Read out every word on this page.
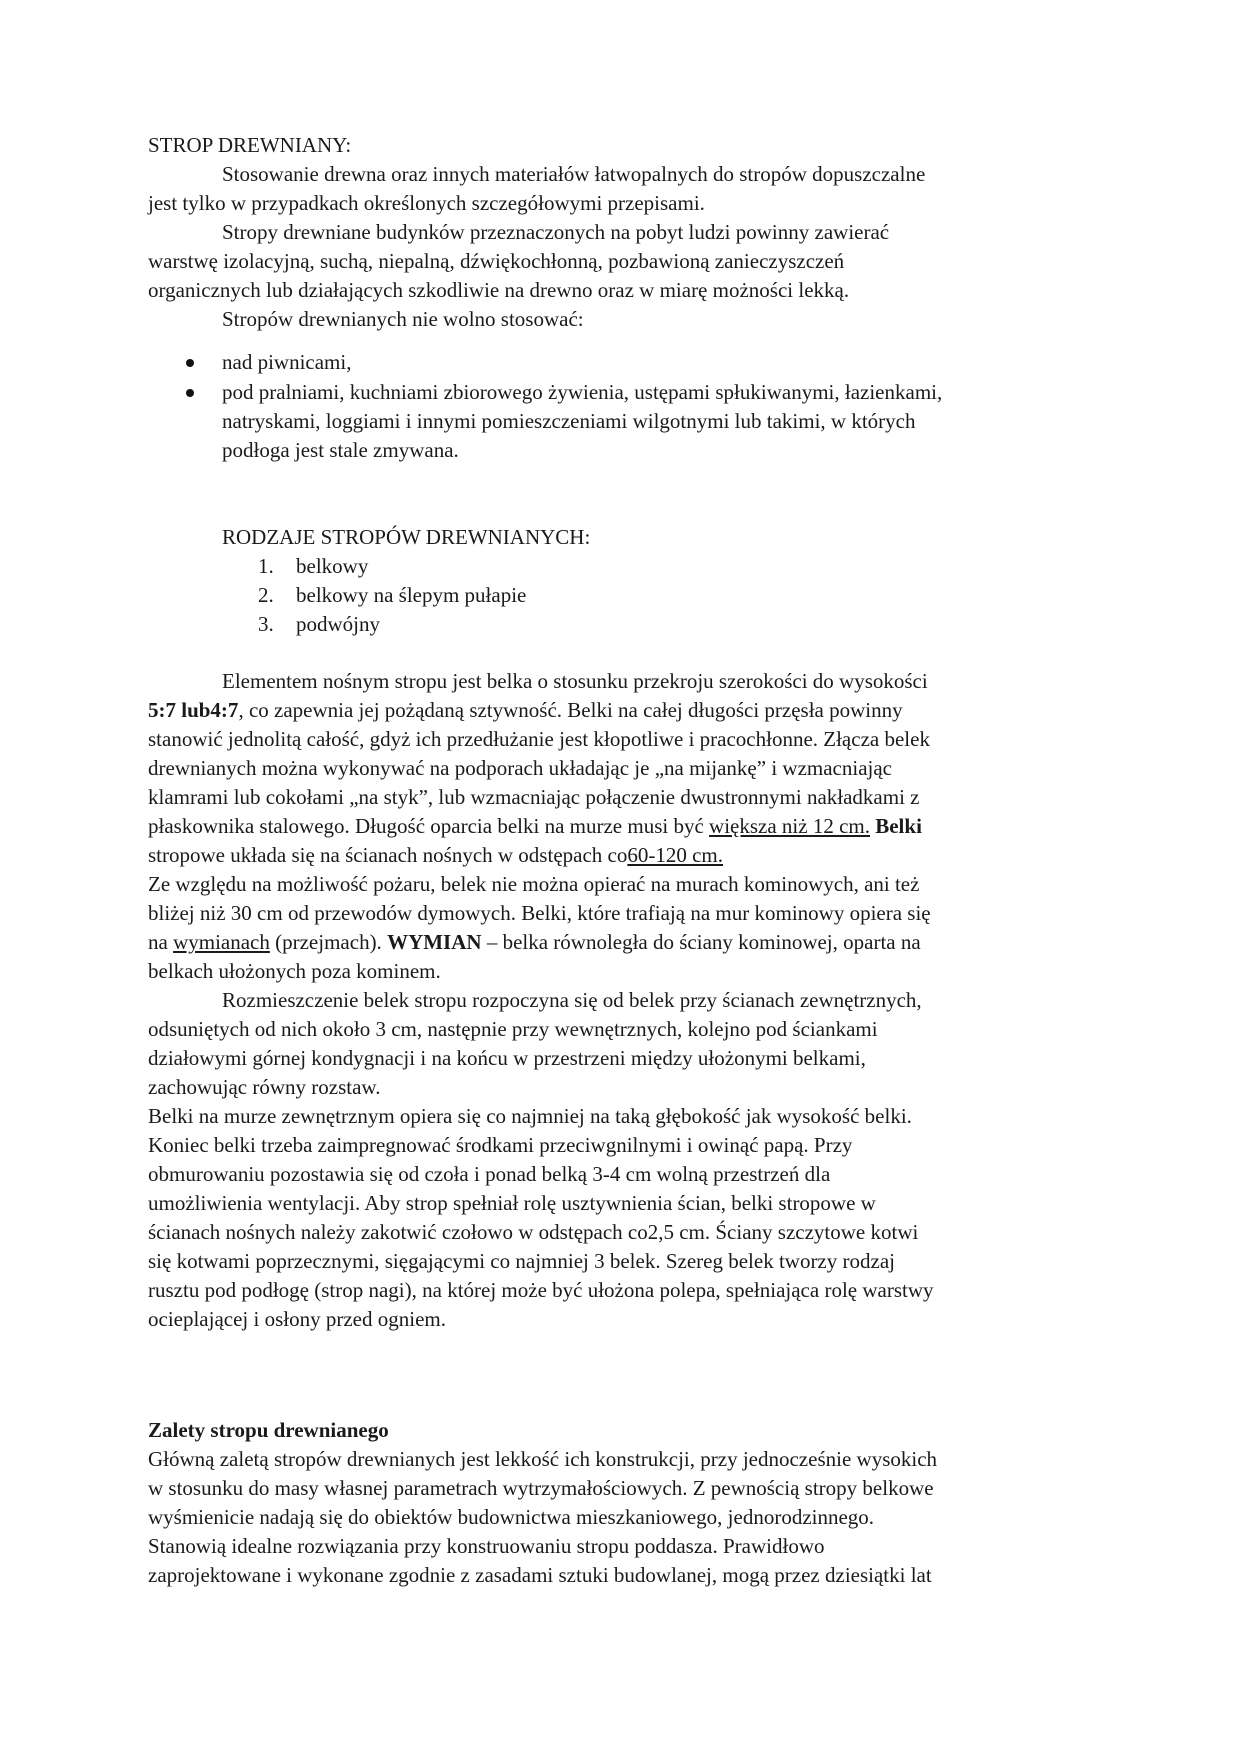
STROP DREWNIANY:

Stosowanie drewna oraz innych materiałów łatwopalnych do stropów dopuszczalne

jest tylko w przypadkach określonych szczegółowymi przepisami.

Stropy drewniane budynków przeznaczonych na pobyt ludzi powinny zawierać

warstwę izolacyjną, suchą, niepalną, dźwiękochłonną, pozbawioną zanieczyszczeń

organicznych lub działających szkodliwie na drewno oraz w miarę możności lekką.

Stropów drewnianych nie wolno stosować:

nad piwnicami,

pod pralniami, kuchniami zbiorowego żywienia, ustępami spłukiwanymi, łazienkami,

natryskami, loggiami i innymi pomieszczeniami wilgotnymi lub takimi, w których

podłoga jest stale zmywana.

RODZAJE STROPÓW DREWNIANYCH:

1. belkowy

2. belkowy na ślepym pułapie

3. podwójny

Elementem nośnym stropu jest belka o stosunku przekroju szerokości do wysokości

5:7 lub4:7, co zapewnia jej pożądaną sztywność. Belki na całej długości przęsła powinny

stanowić jednolitą całość, gdyż ich przedłużanie jest kłopotliwe i pracochłonne. Złącza belek

drewnianych można wykonywać na podporach układając je „na mijankę” i wzmacniając

klamrami lub cokołami „na styk”, lub wzmacniając połączenie dwustronnymi nakładkami z

płaskownika stalowego. Długość oparcia belki na murze musi być większa niż 12 cm. Belki

stropowe układa się na ścianach nośnych w odstępach co60-120 cm.

Ze względu na możliwość pożaru, belek nie można opierać na murach kominowych, ani też

bliżej niż 30 cm od przewodów dymowych. Belki, które trafiają na mur kominowy opiera się

na wymianach (przejmach). WYMIAN – belka równoległa do ściany kominowej, oparta na

belkach ułożonych poza kominem.

Rozmieszczenie belek stropu rozpoczyna się od belek przy ścianach zewnętrznych,

odsuniętych od nich około 3 cm, następnie przy wewnętrznych, kolejno pod ściankami

działowymi górnej kondygnacji i na końcu w przestrzeni między ułożonymi belkami,

zachowując równy rozstaw.

Belki na murze zewnętrznym opiera się co najmniej na taką głębokość jak wysokość belki.

Koniec belki trzeba zaimpregnować środkami przeciwgnilnymi i owinąć papą. Przy

obmurowaniu pozostawia się od czoła i ponad belką 3-4 cm wolną przestrzeń dla

umożliwienia wentylacji. Aby strop spełniał rolę usztywnienia ścian, belki stropowe w

ścianach nośnych należy zakotwić czołowo w odstępach co2,5 cm. Ściany szczytowe kotwi

się kotwami poprzecznymi, sięgającymi co najmniej 3 belek. Szereg belek tworzy rodzaj

rusztu pod podłogę (strop nagi), na której może być ułożona polepa, spełniająca rolę warstwy

ocieplającej i osłony przed ogniem.

Zalety stropu drewnianego

Główną zaletą stropów drewnianych jest lekkość ich konstrukcji, przy jednocześnie wysokich

w stosunku do masy własnej parametrach wytrzymałościowych. Z pewnością stropy belkowe

wyśmienicie nadają się do obiektów budownictwa mieszkaniowego, jednorodzinnego.

Stanowią idealne rozwiązania przy konstruowaniu stropu poddasza. Prawidłowo

zaprojektowane i wykonane zgodnie z zasadami sztuki budowlanej, mogą przez dziesiątki lat
